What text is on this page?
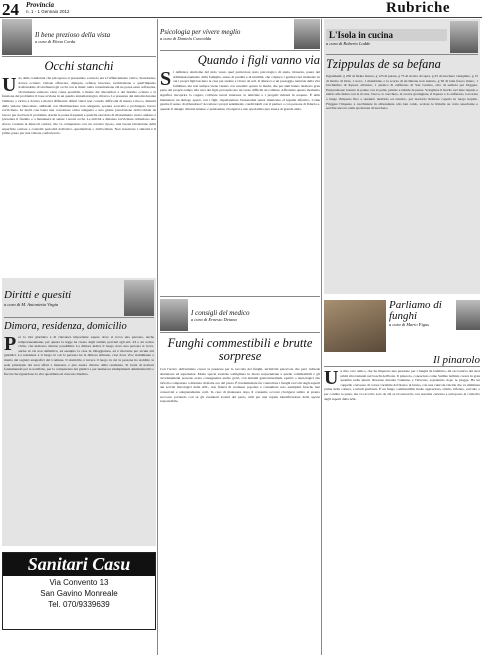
24 Provincia
n. 1 - 1 Gennaio 2012	Rubriche
Il bene prezioso della vista
a cura di Elena Corda
Occhi stanchi
Uno delle condizioni che più spesso si presentano a tutte le età è l'affaticamento visivo. Stanchezza, dolore oculare, visione offuscata, diplopia, cefalea, bruciore, lacrimazione e quell'impulso irrefrenabile di strofinarsi gli occhi con le mani: nella consultazione chi ne possa esser sofferente. Ovviamente esistono varie cause possibili, a monte del discomfort e del fastidio oculare o la funzione del problema: il base avviene in un quadro sintomatologico diverso. La presenza dei sintomi durante l'utilizzo a vicino è dovuta a motivi differenti: difetti visivi non corretti, difficoltà di messa a fuoco, disturbi della visione binoculare, ambienti con illuminazione non adeguata, postura scorretta e prolungato lavoro ravvicinato. In molti casi basta una correzione ottica adeguata o una giusta prescrizione dell'occhiale da lavoro per risolvere il problema. Anche le pause frequenti e qualche esercizio di rilassamento visivo aiutano a prevenire il fastidio e a mantenere in salute i nostri occhi. Le attività a distanza ravvicinata richiedono uno sforzo costante ai muscoli oculari, che va compensato con un corretto riposo, una buona idratazione della superficie oculare e controlli periodici dall'ottico optometrista o dall'oculista. Non trascurare i sintomi è il primo passo per una visione confortevole.
Diritti e quesiti
a cura di M. Antonietta Virgia
Dimora, residenza, domicilio
Per la vita giuridica è di rilevanza importante sapere dove si trova una persona, anche temporaneamente, per questo la legge ha creato degli istituti, previsti agli artt. 43 e 44 codice civile, che indicano diverse possibilità. La dimora indica il luogo dove una persona si trova, anche in via non definitiva, ad esempio la casa in villeggiatura, ed è rilevante per alcuni atti giuridici. La residenza è il luogo in cui la persona ha la dimora abituale, cioè dove vive stabilmente e risulta dai registri anagrafici del Comune. Il domicilio è invece il luogo in cui la persona ha stabilito la sede principale dei suoi affari e interessi, e può essere diverso dalla residenza. Si tratta di nozioni fondamentali per le notifiche, per la competenza dei giudici e per numerosi adempimenti amministrativi e fiscali che riguardano la vita quotidiana di ciascun cittadino.
Sanitari Casu
Via Convento 13
San Gavino Monreale
Tel. 070/9339639
Psicologia per vivere meglio
a cura di Daniela Concedda
Quando i figli vanno via
Si definisce sindrome del nido vuoto quel particolare stato psicologico di ansia, tristezza, paura del ridimensionamento della famiglia, senso di perdita e di inutilità, che colpisce i genitori nel momento in cui i propri figli lasciano la casa per andare a vivere da soli. Il distacco è un passaggio naturale della vita familiare, ma non sempre viene vissuto con serenità: spesso le madri, che per anni hanno dedicato gran parte del proprio tempo alla cura dei figli, percepiscono un vuoto difficile da colmare. Affrontare questo momento significa riscoprire la coppia, coltivare nuovi interessi, le amicizie e i progetti rimasti in sospeso. È utile mantenere un dialogo aperto con i figli, rispettandone l'autonomia senza rinunciare al legame affettivo. Come gestire il senso di abbandono? Accettare i propri sentimenti, condividerli con il partner o con persone di fiducia e, quando il disagio diventa intenso e persistente, rivolgersi a uno specialista può essere di grande aiuto.
I consigli del medico
a cura di Ernesto Deiana
Funghi commestibili e brutte sorprese
Con l'arrivo dell'autunno cresce la passione per la raccolta dei funghi, un'attività piacevole che però richiede attenzione ed esperienza. Molte specie tossiche somigliano in modo sorprendente a quelle commestibili e gli avvelenamenti possono avere conseguenze anche gravi, con sintomi gastrointestinali, epatici o neurologici che talvolta compaiono a distanza di molte ore dal pasto. È fondamentale far controllare i funghi raccolti dagli esperti dei servizi micologici delle ASL, non fidarsi di credenze popolari e consumare solo esemplari freschi, ben conservati e adeguatamente cotti. In caso di malessere dopo il consumo occorre rivolgersi subito al pronto soccorso portando con sé gli eventuali avanzi del pasto, utili per una rapida identificazione della specie responsabile.
L'Isola in cucina
a cura di Roberto Lodde
Tzippulas de sa befana
Ingredienti: g 250 di farina bianca, g 125 di patate, g 75 di ricotta di capra, g 25 di zucchero vanigliato, g 15 di lievito di birra, 1 uovo, 1 mandarino e la scorza di un limone non trattato, g 50 di latte fresco intero, 1 bicchierino di liquore all'anice, 1 pizzico di zafferano di San Gavino, olio di semola per friggere. Preparazione: lessare le patate con la pelle, pelarle e ridurle in purea. Sciogliere il lievito nel latte tiepido e unirlo alla farina con la ricotta, l'uovo, lo zucchero, le scorze grattugiate, il liquore e lo zafferano. Lavorare a lungo l'impasto fino a renderlo morbido ed elastico, poi lasciarlo lievitare coperto in luogo tiepido. Friggere l'impasto a cucchiaiate in abbondante olio ben caldo, scolare le frittelle su carta assorbente e servirle ancora calde spolverate di zucchero.
Parliamo di funghi
a cura di Mario Figus
Il pinarolo
Un mio caro amico, che ha imparato una passione per i funghi da bambino, mi raccontava dei suoi primi ritrovamenti nei boschi dell'isola. Il pinarolo, conosciuto come Suillus bellinii, cresce in gran quantità nelle pinete litoranee durante l'autunno e l'inverno, soprattutto dopo le piogge. Ha un cappello convesso di colore variabile dal bianco al bruno, con una cuticola viscida che va eliminata prima della cottura, e tubuli giallastri. È un fungo commestibile molto apprezzato, ottimo trifolato, sott'olio o per condire la pasta, ma va raccolto solo da chi sa riconoscerlo con assoluta certezza e sottoposto al controllo degli esperti della ASL.
